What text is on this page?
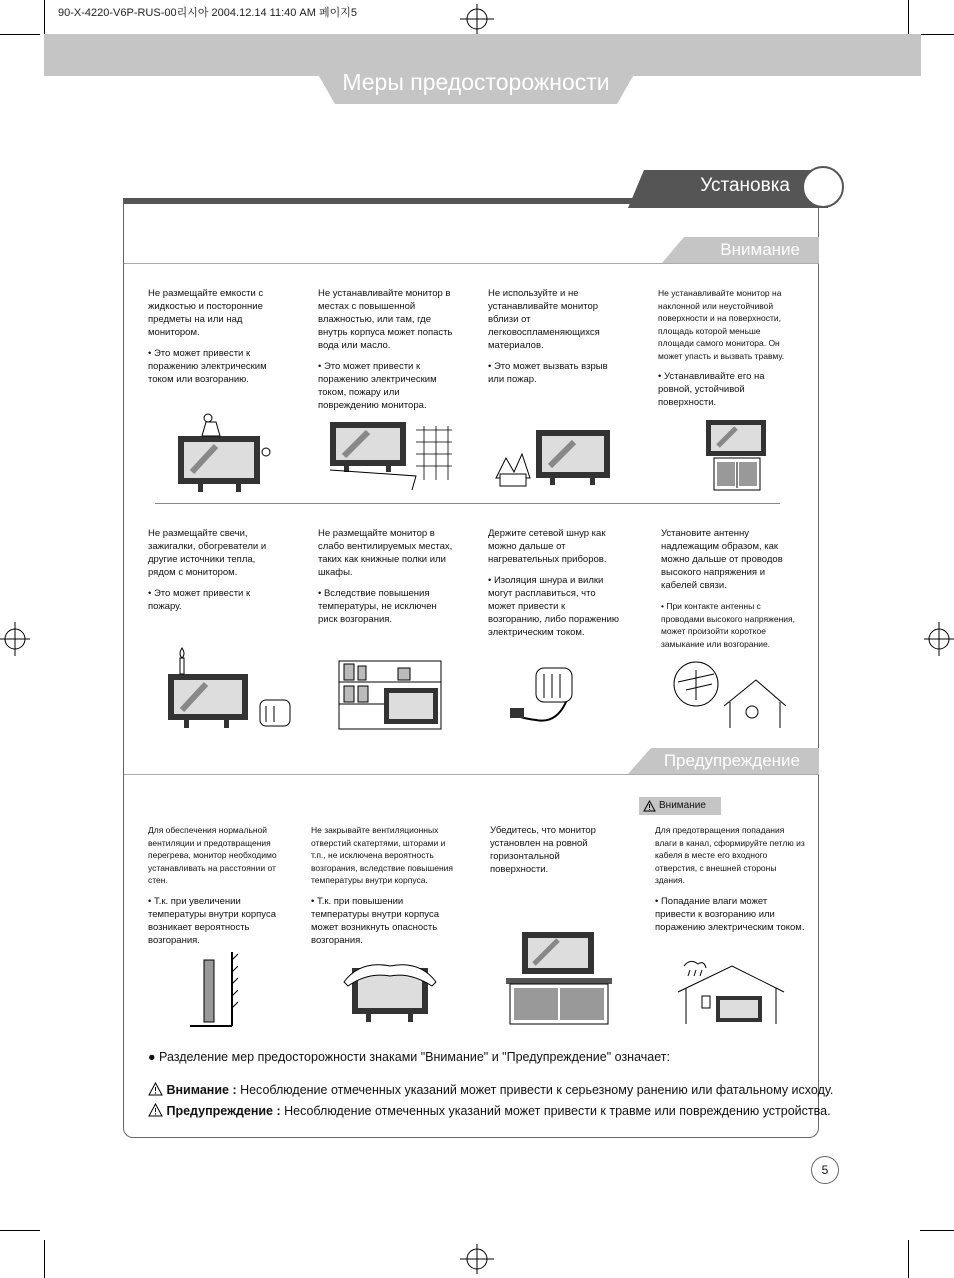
90-X-4220-V6P-RUS-00리시아 2004.12.14 11:40 AM 페이지5
Меры предосторожности
Установка
Внимание
Не размещайте емкости с жидкостью и посторонние предметы на или над монитором.
• Это может привести к поражению электрическим током или возгоранию.
Не устанавливайте монитор в местах с повышенной влажностью, или там, где внутрь корпуса может попасть вода или масло.
• Это может привести к поражению электрическим током, пожару или повреждению монитора.
Не используйте и не устанавливайте монитор вблизи от легковоспламеняющихся материалов.
• Это может вызвать взрыв или пожар.
Не устанавливайте монитор на наклонной или неустойчивой поверхности и на поверхности, площадь которой меньше площади самого монитора. Он может упасть и вызвать травму.
• Устанавливайте его на ровной, устойчивой поверхности.
Не размещайте свечи, зажигалки, обогреватели и другие источники тепла, рядом с монитором.
• Это может привести к пожару.
Не размещайте монитор в слабо вентилируемых местах, таких как книжные полки или шкафы.
• Вследствие повышения температуры, не исключен риск возгорания.
Держите сетевой шнур как можно дальше от нагревательных приборов.
• Изоляция шнура и вилки могут расплавиться, что может привести к возгоранию, либо поражению электрическим током.
Установите антенну надлежащим образом, как можно дальше от проводов высокого напряжения и кабелей связи.
• При контакте антенны с проводами высокого напряжения, может произойти короткое замыкание или возгорание.
Предупреждение
Внимание
Для обеспечения нормальной вентиляции и предотвращения перегрева, монитор необходимо устанавливать на расстоянии от стен.
• Т.к. при увеличении температуры внутри корпуса возникает вероятность возгорания.
Не закрывайте вентиляционных отверстий скатертями, шторами и т.п., не исключена вероятность возгорания, вследствие повышения температуры внутри корпуса.
• Т.к. при повышении температуры внутри корпуса может возникнуть опасность возгорания.
Убедитесь, что монитор установлен на ровной горизонтальной поверхности.
Для предотвращения попадания влаги в канал, сформируйте петлю из кабеля в месте его входного отверстия, с внешней стороны здания.
• Попадание влаги может привести к возгоранию или поражению электрическим током.
● Разделение мер предосторожности знаками "Внимание" и "Предупреждение" означает:
Внимание : Несоблюдение отмеченных указаний может привести к серьезному ранению или фатальному исходу.
Предупреждение : Несоблюдение отмеченных указаний может привести к травме или повреждению устройства.
5
